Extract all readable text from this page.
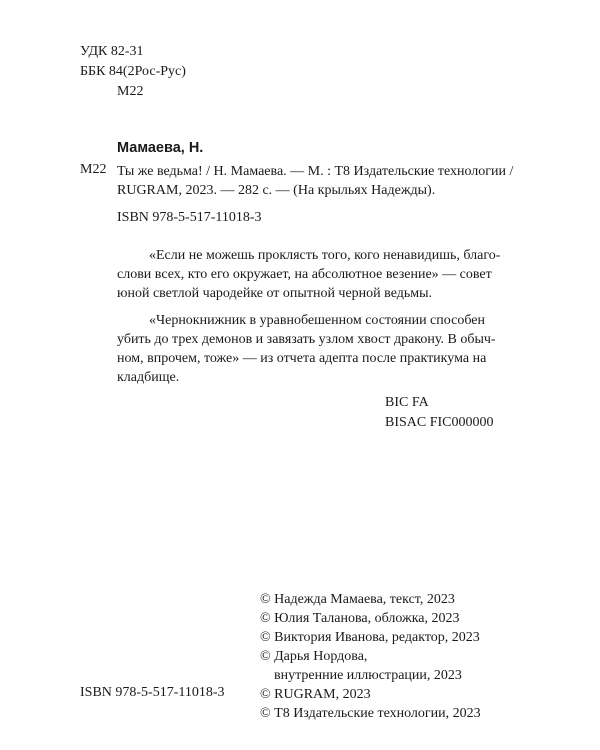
УДК 82-31
ББК 84(2Рос-Рус)
М22
Мамаева, Н.
М22 Ты же ведьма! / Н. Мамаева. — М. : Т8 Издательские технологии /
RUGRAM, 2023. — 282 с. — (На крыльях Надежды).
ISBN 978-5-517-11018-3
«Если не можешь проклясть того, кого ненавидишь, благо-
слови всех, кто его окружает, на абсолютное везение» — совет
юной светлой чародейке от опытной черной ведьмы.
«Чернокнижник в уравнобешенном состоянии способен
убить до трех демонов и завязать узлом хвост дракону. В обыч-
ном, впрочем, тоже» — из отчета адепта после практикума на
кладбище.
BIC FA
BISAC FIC000000
© Надежда Мамаева, текст, 2023
© Юлия Таланова, обложка, 2023
© Виктория Иванова, редактор, 2023
© Дарья Нордова,
внутренние иллюстрации, 2023
© RUGRAM, 2023
© Т8 Издательские технологии, 2023
ISBN 978-5-517-11018-3
